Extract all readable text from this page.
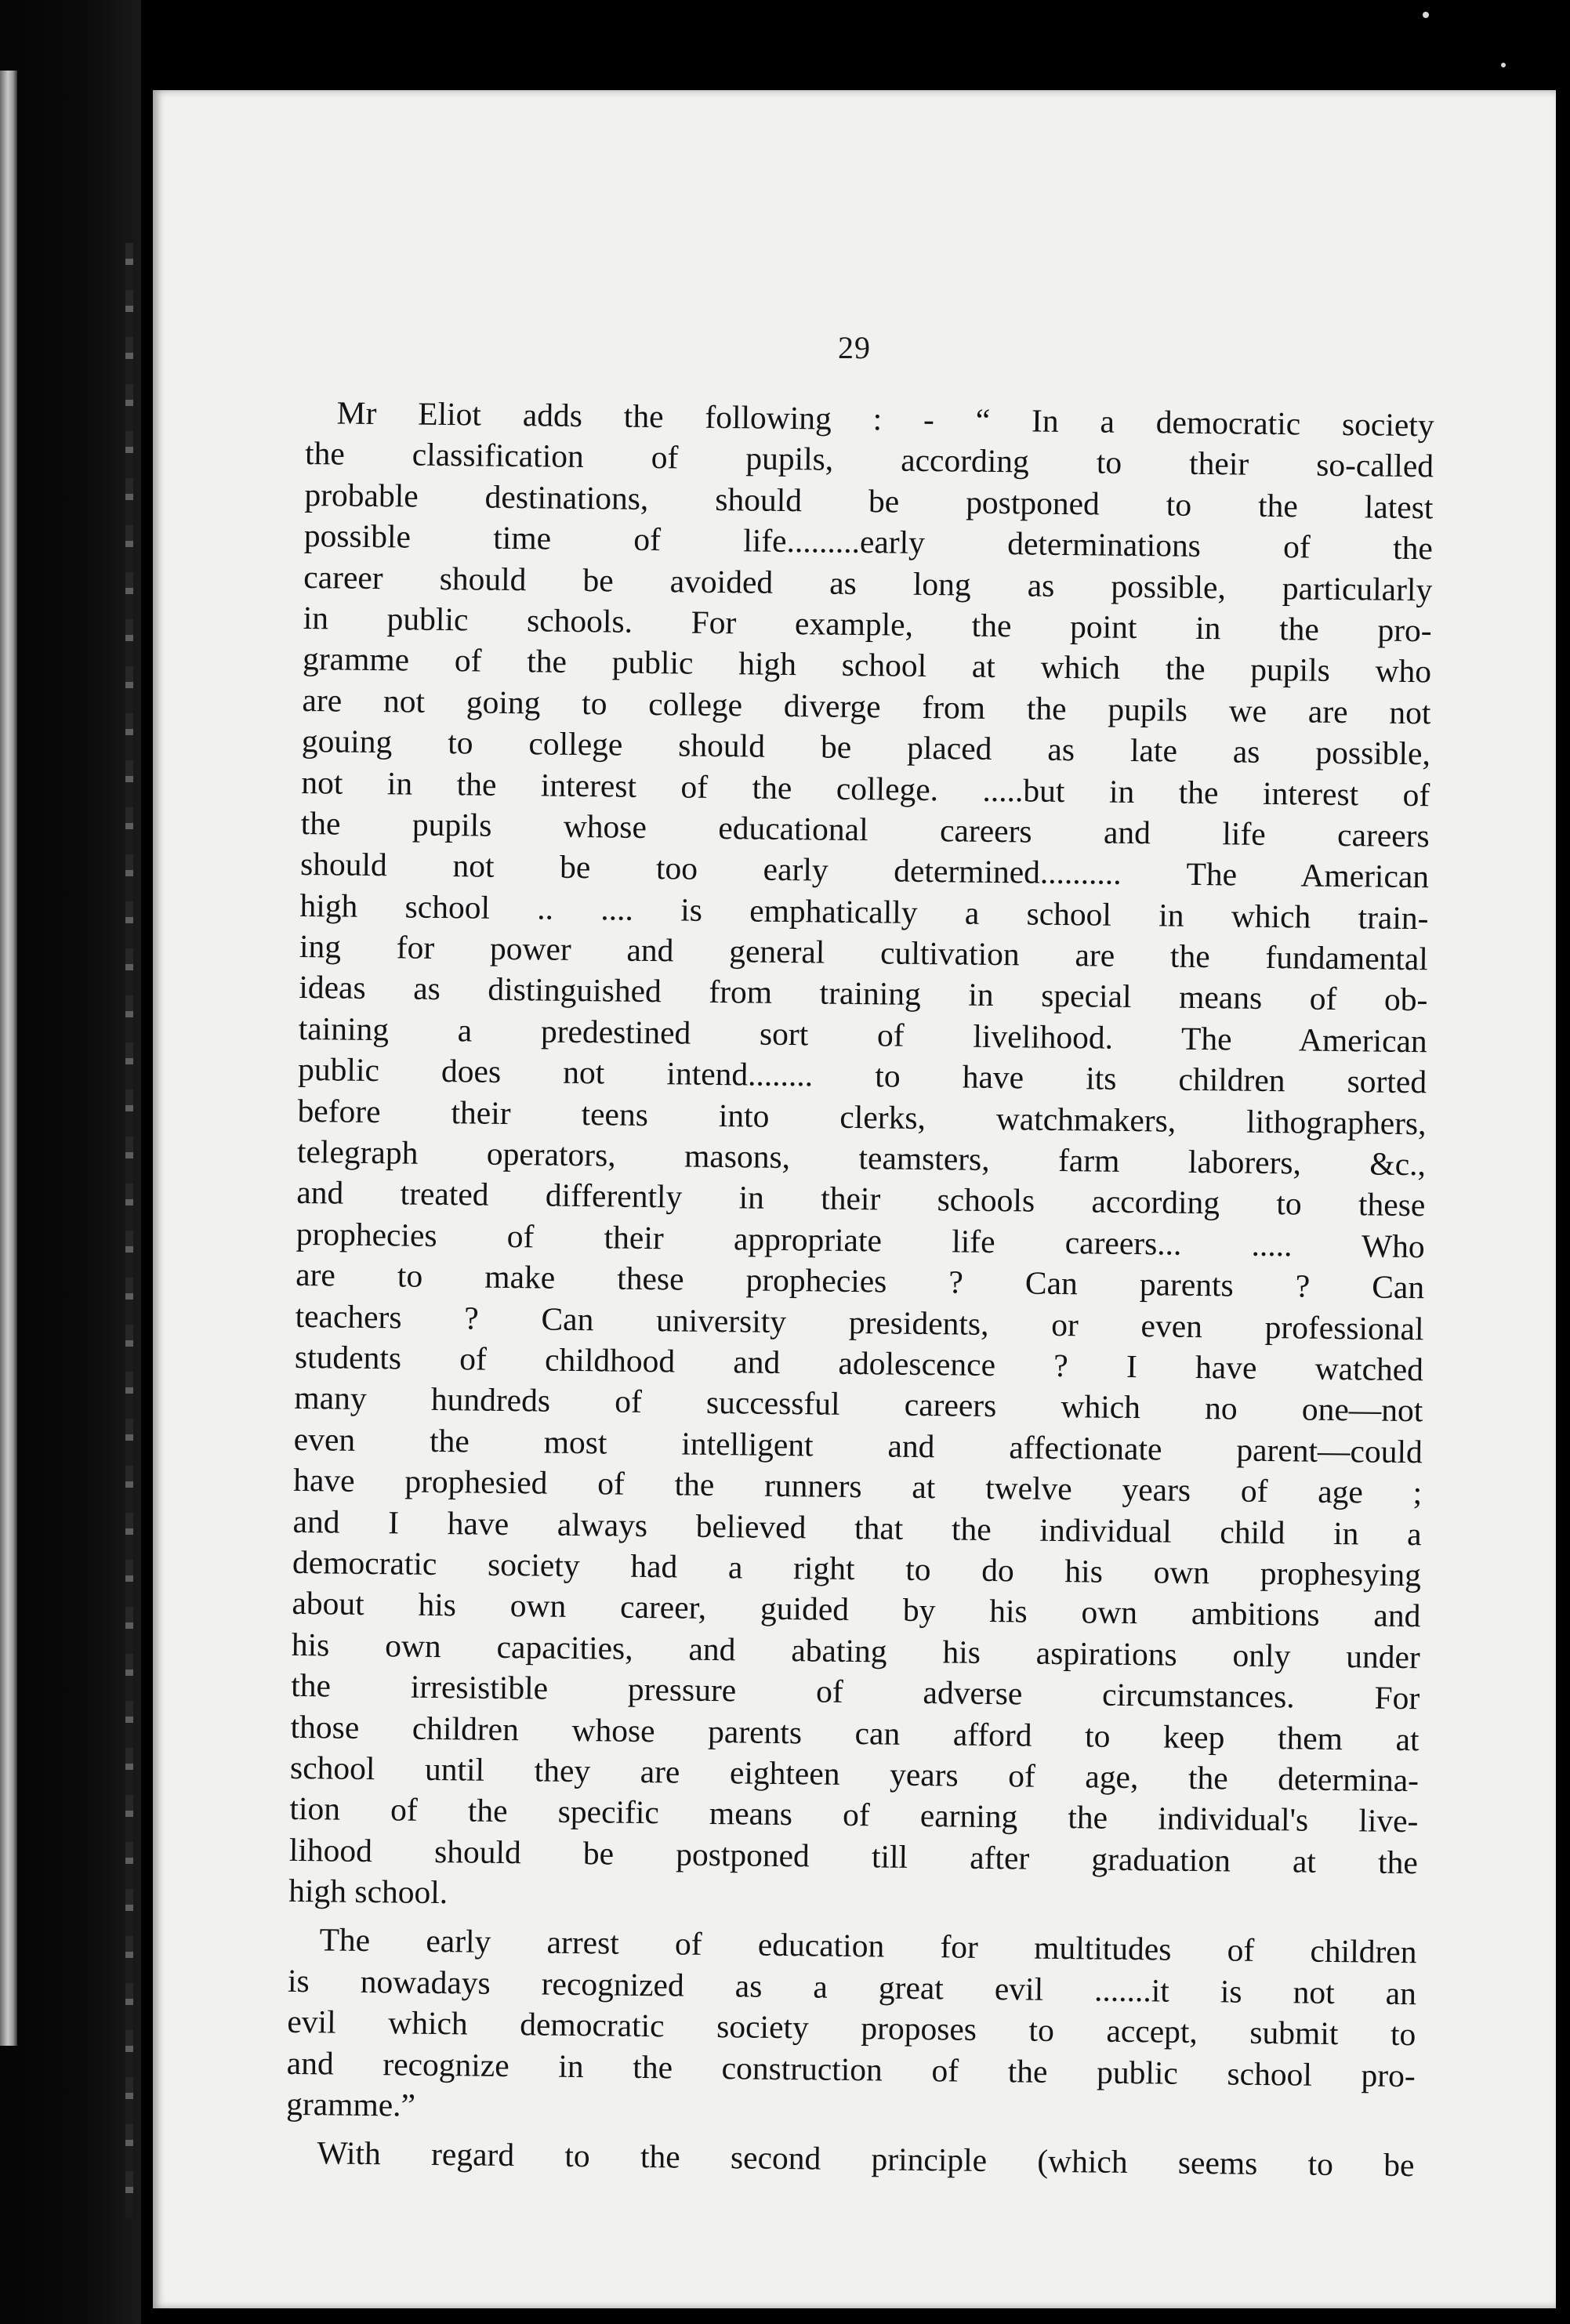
29
Mr Eliot adds the following : - “ In a democratic society
the classification of pupils, according to their so-called
probable destinations, should be postponed to the latest
possible time of life.........early determinations of the
career should be avoided as long as possible, particularly
in public schools. For example, the point in the pro-
gramme of the public high school at which the pupils who
are not going to college diverge from the pupils we are not
gouing to college should be placed as late as possible,
not in the interest of the college. .....but in the interest of
the pupils whose educational careers and life careers
should not be too early determined.......... The American
high school .. .... is emphatically a school in which train-
ing for power and general cultivation are the fundamental
ideas as distinguished from training in special means of ob-
taining a predestined sort of livelihood. The American
public does not intend........ to have its children sorted
before their teens into clerks, watchmakers, lithographers,
telegraph operators, masons, teamsters, farm laborers, &c.,
and treated differently in their schools according to these
prophecies of their appropriate life careers... ..... Who
are to make these prophecies ? Can parents ? Can
teachers ? Can university presidents, or even professional
students of childhood and adolescence ? I have watched
many hundreds of successful careers which no one—not
even the most intelligent and affectionate parent—could
have prophesied of the runners at twelve years of age ;
and I have always believed that the individual child in a
democratic society had a right to do his own prophesying
about his own career, guided by his own ambitions and
his own capacities, and abating his aspirations only under
the irresistible pressure of adverse circumstances. For
those children whose parents can afford to keep them at
school until they are eighteen years of age, the determina-
tion of the specific means of earning the individual's live-
lihood should be postponed till after graduation at the
high school.
The early arrest of education for multitudes of children
is nowadays recognized as a great evil .......it is not an
evil which democratic society proposes to accept, submit to
and recognize in the construction of the public school pro-
gramme.”
With regard to the second principle (which seems to be
